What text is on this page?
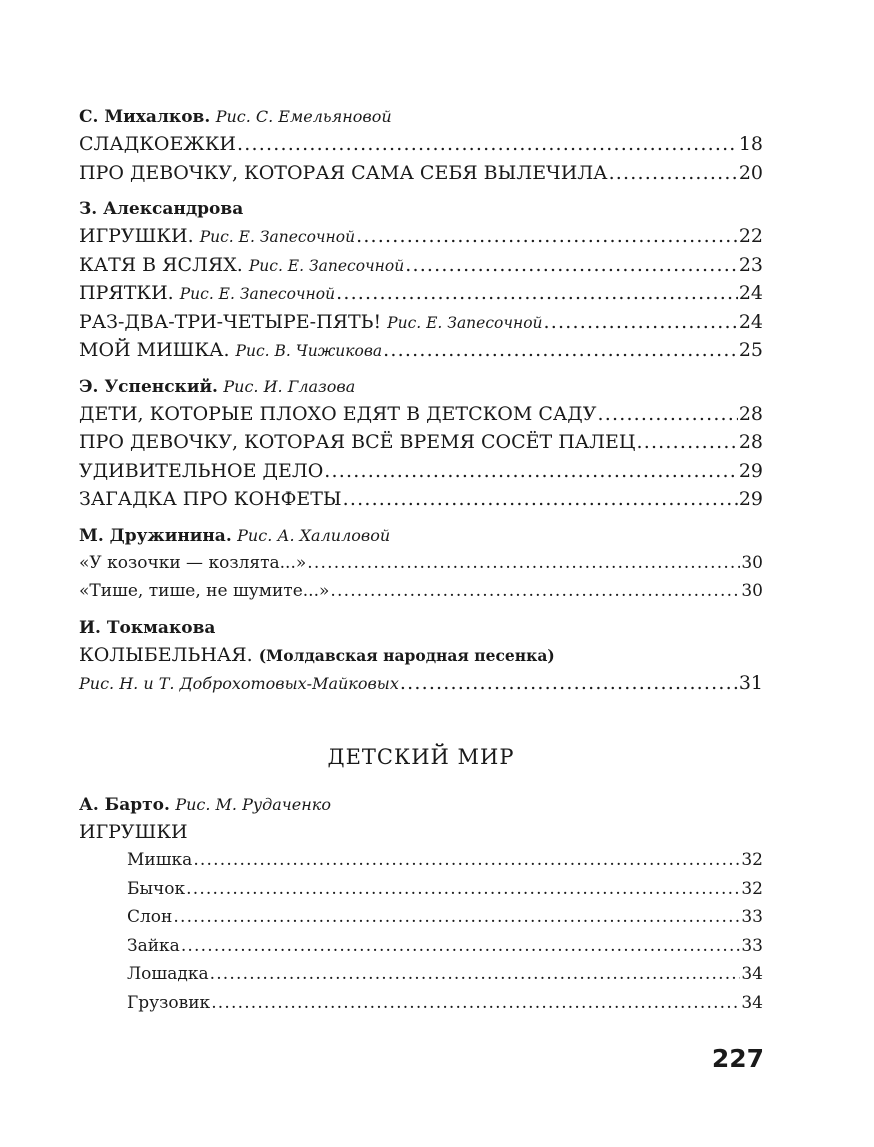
С. Михалков. Рис. С. Емельяновой
СЛАДКОЕЖКИ .....	18
ПРО ДЕВОЧКУ, КОТОРАЯ САМА СЕБЯ ВЫЛЕЧИЛА .....	20
З. Александрова
ИГРУШКИ. Рис. Е. Запесочной .....	22
КАТЯ В ЯСЛЯХ. Рис. Е. Запесочной .....	23
ПРЯТКИ. Рис. Е. Запесочной .....	24
РАЗ-ДВА-ТРИ-ЧЕТЫРЕ-ПЯТЬ! Рис. Е. Запесочной .....	24
МОЙ МИШКА. Рис. В. Чижикова .....	25
Э. Успенский. Рис. И. Глазова
ДЕТИ, КОТОРЫЕ ПЛОХО ЕДЯТ В ДЕТСКОМ САДУ .....	28
ПРО ДЕВОЧКУ, КОТОРАЯ ВСЁ ВРЕМЯ СОСЁТ ПАЛЕЦ .....	28
УДИВИТЕЛЬНОЕ ДЕЛО .....	29
ЗАГАДКА ПРО КОНФЕТЫ .....	29
М. Дружинина. Рис. А. Халиловой
«У козочки — козлята...» .....	30
«Тише, тише, не шумите...» .....	30
И. Токмакова
КОЛЫБЕЛЬНАЯ. (Молдавская народная песенка)
Рис. Н. и Т. Доброхотовых-Майковых .....	31
ДЕТСКИЙ МИР
А. Барто. Рис. М. Рудаченко
ИГРУШКИ
Мишка .....	32
Бычок .....	32
Слон .....	33
Зайка .....	33
Лошадка .....	34
Грузовик .....	34
227
